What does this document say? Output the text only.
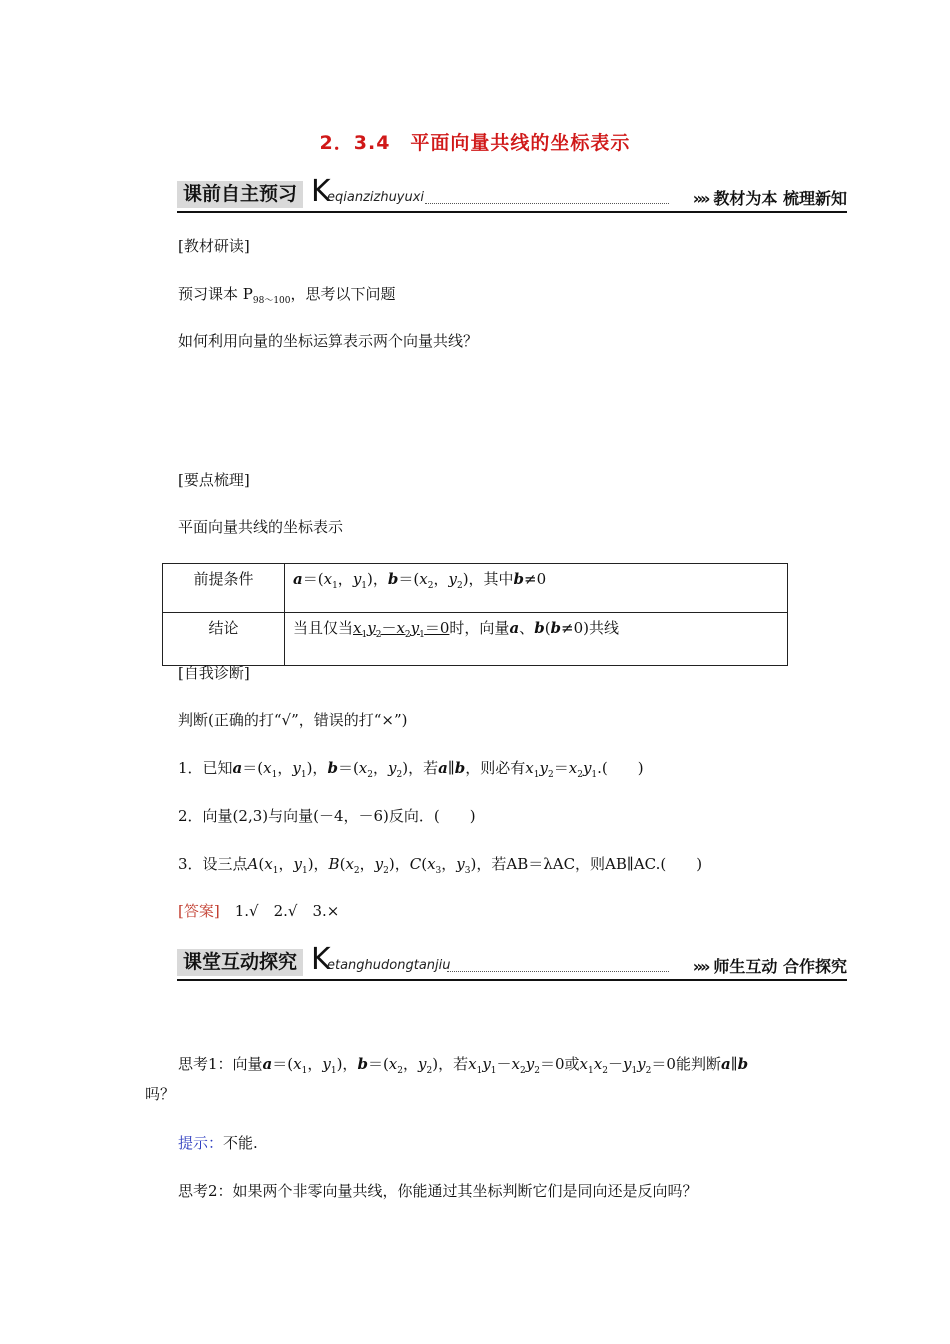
2．3.4　平面向量共线的坐标表示
课前自主预习 K
eqianzizhuyuxi	»» 教材为本 梳理新知
[教材研读]
预习课本 $P_{98\sim 100}$，思考以下问题
如何利用向量的坐标运算表示两个向量共线？
[要点梳理]
平面向量共线的坐标表示
前提条件	$a=(x_1$，$y_1$)，$b=(x_2$，$y_2$)，其中b≠0
结论	当且仅当$x_1y_2-x_2y_1=0$时，向量a、b(b≠0)共线
[自我诊断]
判断(正确的打“√”，错误的打“×”)
1．已知$a=(x_1$，$y_1$)，$b=(x_2$，$y_2$)，若a∥b，则必有$x_1y_2=x_2y_1$.(　　)
2．向量(2,3)与向量(－4，－6)反向．(　　)
3．设三点$A(x_1$，$y_1$)，$B(x_2$，$y_2$)，$C(x_3$，$y_3$)，若AB＝λAC，则AB∥AC.(　　)
[答案]　 1.√　2.√　3.×
课堂互动探究 K
etanghudongtanjiu	»» 师生互动 合作探究
思考1：向量$a=(x_1$，$y_1$)，$b=(x_2$，$y_2$)，若$x_1y_1-x_2y_2=0$或$x_1x_2-y_1y_2=0$能判断a∥b
吗？
提示：不能.
思考2：如果两个非零向量共线，你能通过其坐标判断它们是同向还是反向吗？
